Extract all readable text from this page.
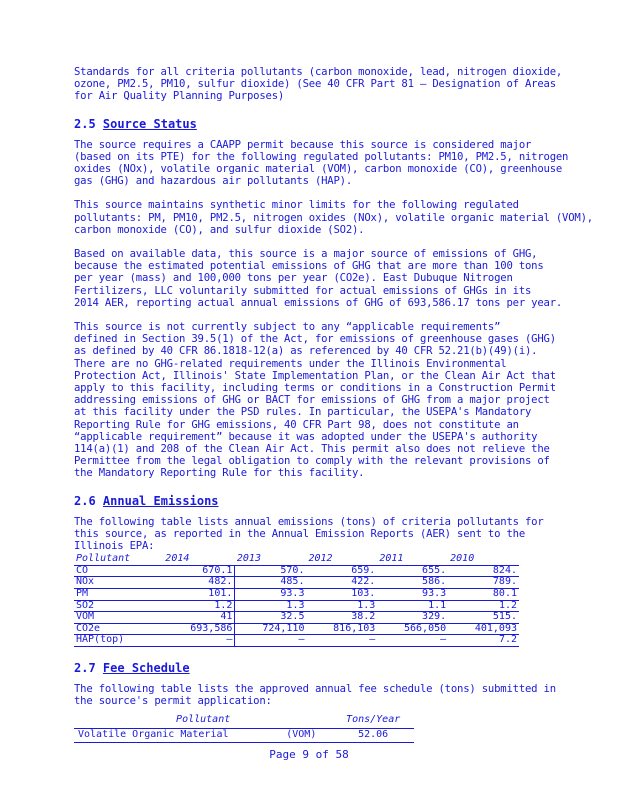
Standards for all criteria pollutants (carbon monoxide, lead, nitrogen dioxide,
ozone, PM2.5, PM10, sulfur dioxide) (See 40 CFR Part 81 – Designation of Areas
for Air Quality Planning Purposes)

2.5 Source Status

The source requires a CAAPP permit because this source is considered major
(based on its PTE) for the following regulated pollutants: PM10, PM2.5, nitrogen
oxides (NOx), volatile organic material (VOM), carbon monoxide (CO), greenhouse
gas (GHG) and hazardous air pollutants (HAP).

This source maintains synthetic minor limits for the following regulated
pollutants: PM, PM10, PM2.5, nitrogen oxides (NOx), volatile organic material (VOM),
carbon monoxide (CO), and sulfur dioxide (SO2).

Based on available data, this source is a major source of emissions of GHG,
because the estimated potential emissions of GHG that are more than 100 tons
per year (mass) and 100,000 tons per year (CO2e). East Dubuque Nitrogen
Fertilizers, LLC voluntarily submitted for actual emissions of GHGs in its
2014 AER, reporting actual annual emissions of GHG of 693,586.17 tons per year.

This source is not currently subject to any “applicable requirements”
defined in Section 39.5(1) of the Act, for emissions of greenhouse gases (GHG)
as defined by 40 CFR 86.1818-12(a) as referenced by 40 CFR 52.21(b)(49)(i).
There are no GHG-related requirements under the Illinois Environmental
Protection Act, Illinois' State Implementation Plan, or the Clean Air Act that
apply to this facility, including terms or conditions in a Construction Permit
addressing emissions of GHG or BACT for emissions of GHG from a major project
at this facility under the PSD rules. In particular, the USEPA's Mandatory
Reporting Rule for GHG emissions, 40 CFR Part 98, does not constitute an
“applicable requirement” because it was adopted under the USEPA's authority
114(a)(1) and 208 of the Clean Air Act. This permit also does not relieve the
Permittee from the legal obligation to comply with the relevant provisions of
the Mandatory Reporting Rule for this facility.

2.6 Annual Emissions

The following table lists annual emissions (tons) of criteria pollutants for
this source, as reported in the Annual Emission Reports (AER) sent to the
Illinois EPA:

Pollutant	2014	2013	2012	2011	2010
CO	670.1	570.	659.	655.	824.
NOx	482.	485.	422.	586.	789.
PM	101.	93.3	103.	93.3	80.1
SO2	1.2	1.3	1.3	1.1	1.2
VOM	41	32.5	38.2	329.	515.
CO2e	693,586	724,110	816,103	566,050	401,093
HAP(top)	–	–	–	–	7.2
2.7 Fee Schedule

The following table lists the approved annual fee schedule (tons) submitted in
the source's permit application:

Pollutant		Tons/Year
Volatile Organic Material	(VOM)	52.06
Page 9 of 58
